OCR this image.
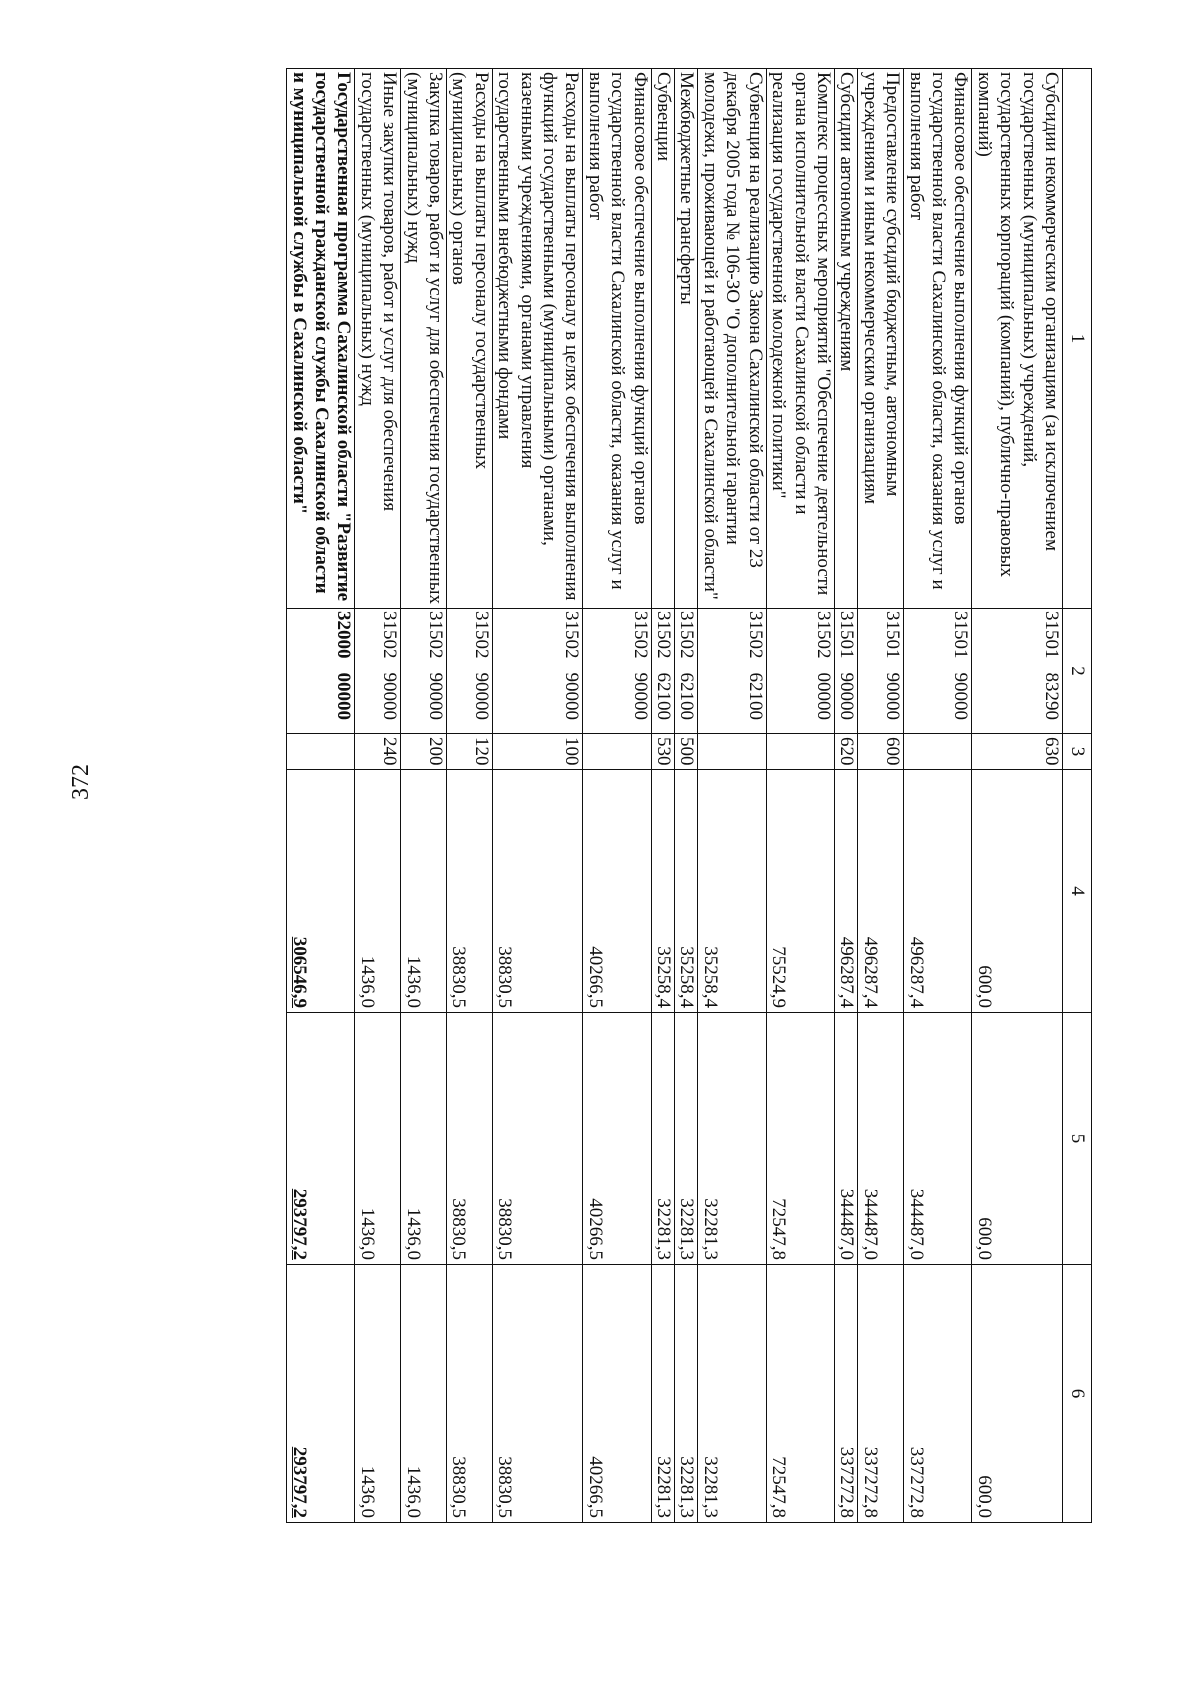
372
1	2		3	4	5	6
Субсидии некоммерческим организациям (за исключением государственных (муниципальных) учреждений, государственных корпораций (компаний), публично-правовых компаний)	31501	83290	630	600,0	600,0	600,0
Финансовое обеспечение выполнения функций органов государственной власти Сахалинской области, оказания услуг и выполнения работ	31501	90000		496287,4	344487,0	337272,8
Предоставление субсидий бюджетным, автономным учреждениям и иным некоммерческим организациям	31501	90000	600	496287,4	344487,0	337272,8
Субсидии автономным учреждениям	31501	90000	620	496287,4	344487,0	337272,8
Комплекс процессных мероприятий "Обеспечение деятельности органа исполнительной власти Сахалинской области и реализация государственной молодежной политики"	31502	00000		75524,9	72547,8	72547,8
Субвенция на реализацию Закона Сахалинской области от 23 декабря 2005 года № 106-ЗО "О дополнительной гарантии молодежи, проживающей и работающей в Сахалинской области"	31502	62100		35258,4	32281,3	32281,3
Межбюджетные трансферты	31502	62100	500	35258,4	32281,3	32281,3
Субвенции	31502	62100	530	35258,4	32281,3	32281,3
Финансовое обеспечение выполнения функций органов государственной власти Сахалинской области, оказания услуг и выполнения работ	31502	90000		40266,5	40266,5	40266,5
Расходы на выплаты персоналу в целях обеспечения выполнения функций государственными (муниципальными) органами, казенными учреждениями, органами управления государственными внебюджетными фондами	31502	90000	100	38830,5	38830,5	38830,5
Расходы на выплаты персоналу государственных (муниципальных) органов	31502	90000	120	38830,5	38830,5	38830,5
Закупка товаров, работ и услуг для обеспечения государственных (муниципальных) нужд	31502	90000	200	1436,0	1436,0	1436,0
Иные закупки товаров, работ и услуг для обеспечения государственных (муниципальных) нужд	31502	90000	240	1436,0	1436,0	1436,0
Государственная программа Сахалинской области "Развитие государственной гражданской службы Сахалинской области и муниципальной службы в Сахалинской области"	32000	00000		306546,9	293797,2	293797,2
